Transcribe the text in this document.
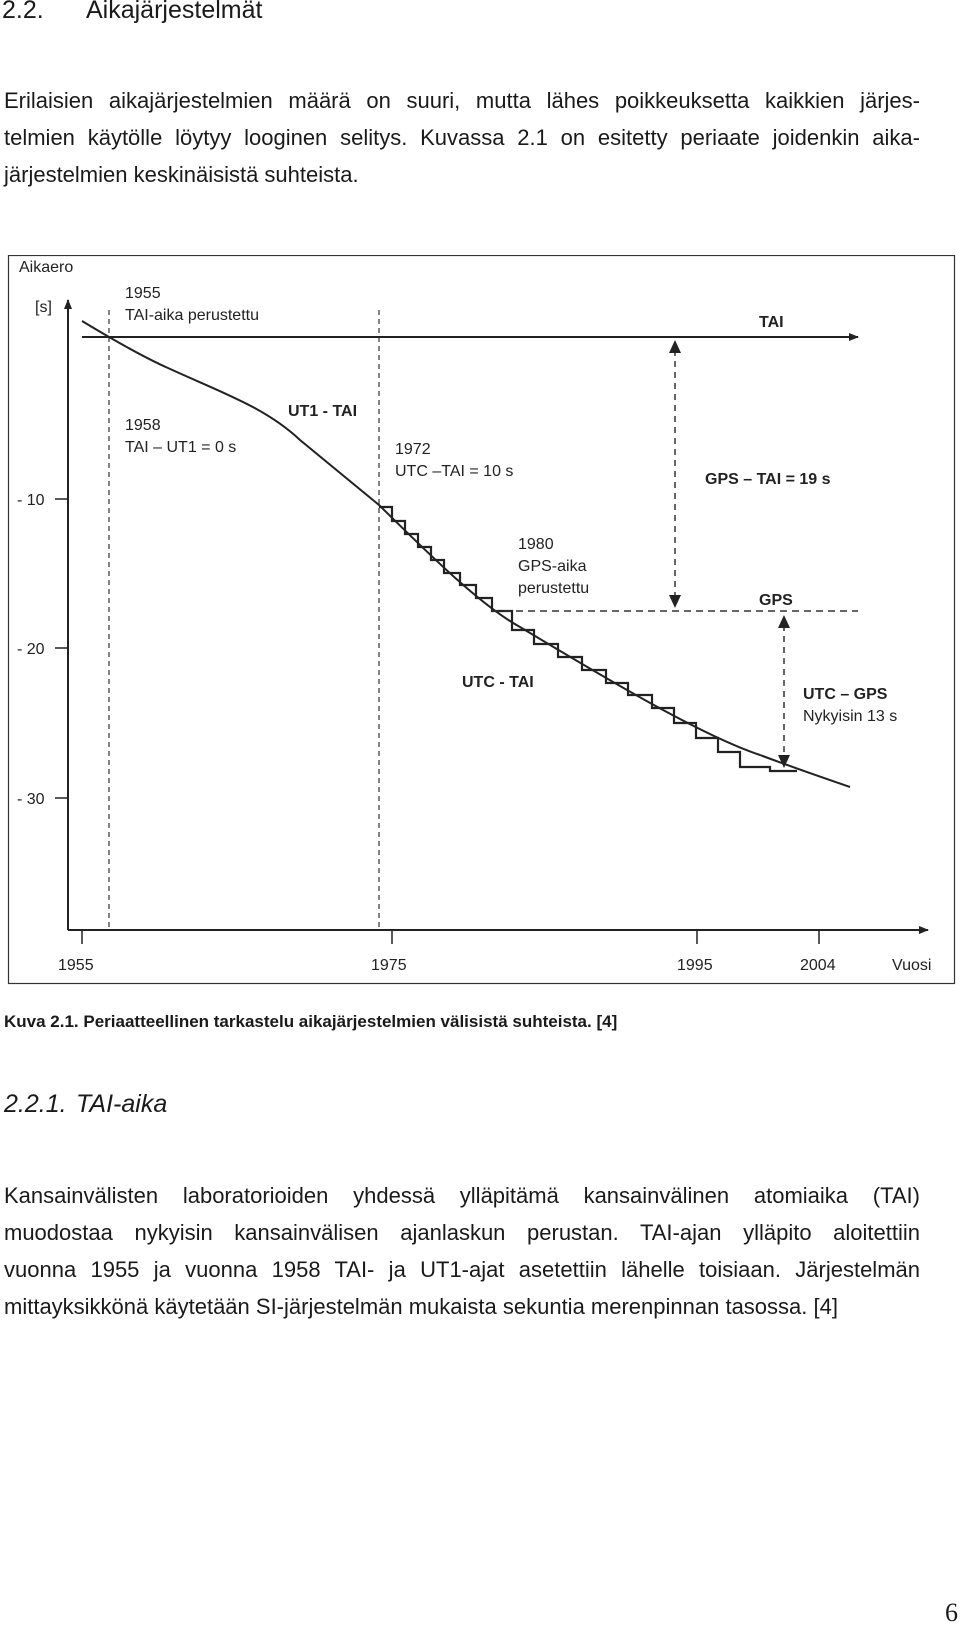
2.2. Aikajärjestelmät
Erilaisien aikajärjestelmien määrä on suuri, mutta lähes poikkeuksetta kaikkien järjes-
telmien käytölle löytyy looginen selitys. Kuvassa 2.1 on esitetty periaate joidenkin aika-
järjestelmien keskinäisistä suhteista.
- 10
- 20
- 30
1955	1975	1995	2004	Vuosi
Aikaero
[s]
1955
TAI-aika perustettu	TAI
1958
TAI – UT1 = 0 s
UT1 - TAI
1972
UTC –TAI = 10 s	GPS – TAI = 19 s
1980
GPS-aika
perustettu
GPS
UTC - TAI
UTC – GPS
Nykyisin 13 s
Kuva 2.1. Periaatteellinen tarkastelu aikajärjestelmien välisistä suhteista. [4]
2.2.1. TAI-aika
Kansainvälisten laboratorioiden yhdessä ylläpitämä kansainvälinen atomiaika (TAI)
muodostaa nykyisin kansainvälisen ajanlaskun perustan. TAI-ajan ylläpito aloitettiin
vuonna 1955 ja vuonna 1958 TAI- ja UT1-ajat asetettiin lähelle toisiaan. Järjestelmän
mittayksikkönä käytetään SI-järjestelmän mukaista sekuntia merenpinnan tasossa. [4]
6
